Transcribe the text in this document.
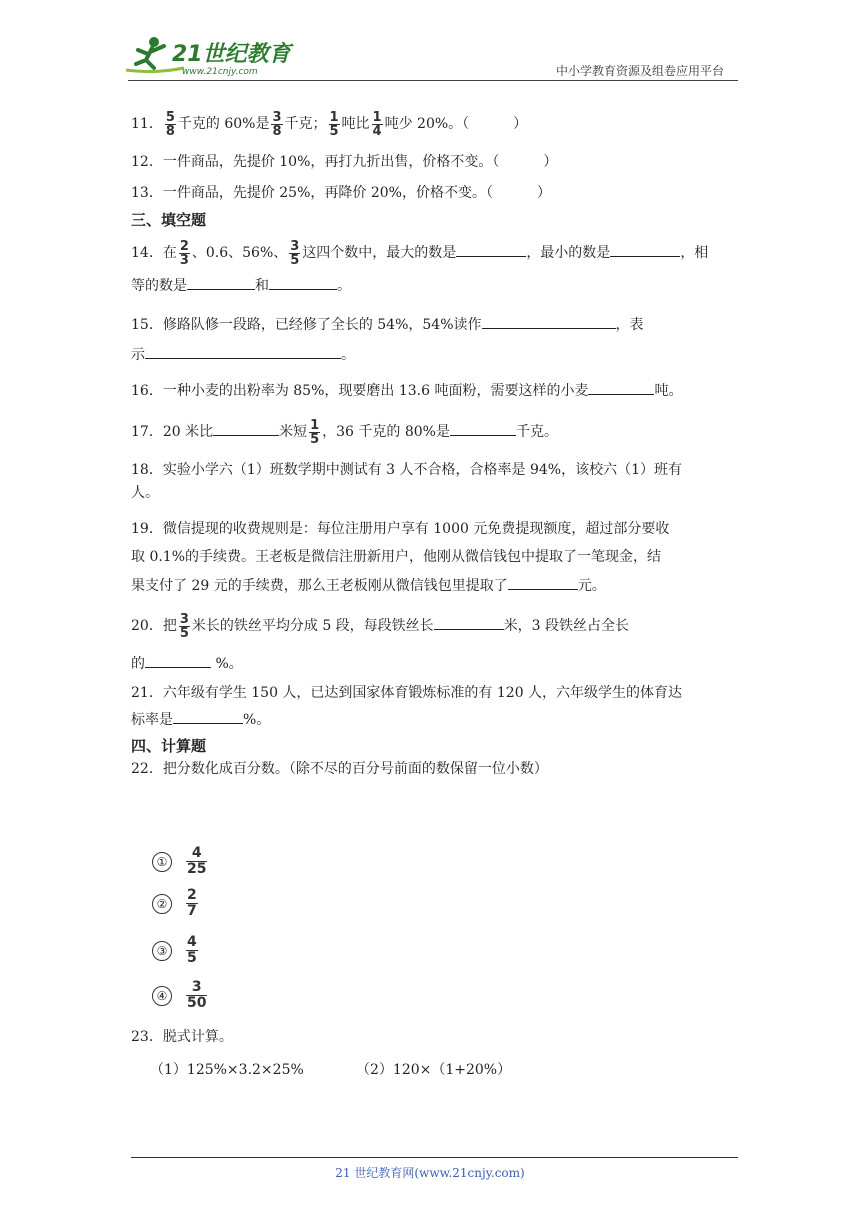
21世纪教育
www.21cnjy.com	中小学教育资源及组卷应用平台
11． $\frac{5}{8}$ 千克的 60%是 $\frac{3}{8}$ 千克； $\frac{1}{5}$ 吨比 $\frac{1}{4}$ 吨少 20%。（	）
12．一件商品，先提价 10%，再打九折出售，价格不变。（	）
13．一件商品，先提价 25%，再降价 20%，价格不变。（	）
三、填空题
14．在 $\frac{2}{3}$ 、0.6、56%、 $\frac{3}{5}$ 这四个数中，最大的数是	，最小的数是	，相
等的数是	和	。
15．修路队修一段路，已经修了全长的 54%，54%读作	，表
示	。
16．一种小麦的出粉率为 85%，现要磨出 13.6 吨面粉，需要这样的小麦	吨。
17．20 米比	米短 $\frac{1}{5}$ ，36 千克的 80%是	千克。
18．实验小学六（1）班数学期中测试有 3 人不合格，合格率是 94%，该校六（1）班有
人。
19．微信提现的收费规则是：每位注册用户享有 1000 元免费提现额度，超过部分要收
取 0.1%的手续费。王老板是微信注册新用户，他刚从微信钱包中提取了一笔现金，结
果支付了 29 元的手续费，那么王老板刚从微信钱包里提取了	元。
20．把 $\frac{3}{5}$ 米长的铁丝平均分成 5 段，每段铁丝长	米，3 段铁丝占全长
的	%。
21．六年级有学生 150 人，已达到国家体育锻炼标准的有 120 人，六年级学生的体育达
标率是	%。
四、计算题
22．把分数化成百分数。（除不尽的百分号前面的数保留一位小数）
① $\frac{4}{25}$
② $\frac{2}{7}$
③ $\frac{4}{5}$
④ $\frac{3}{50}$
23．脱式计算。
（1）125%×3.2×25%	（2）120×（1+20%）
21 世纪教育网(www.21cnjy.com)
